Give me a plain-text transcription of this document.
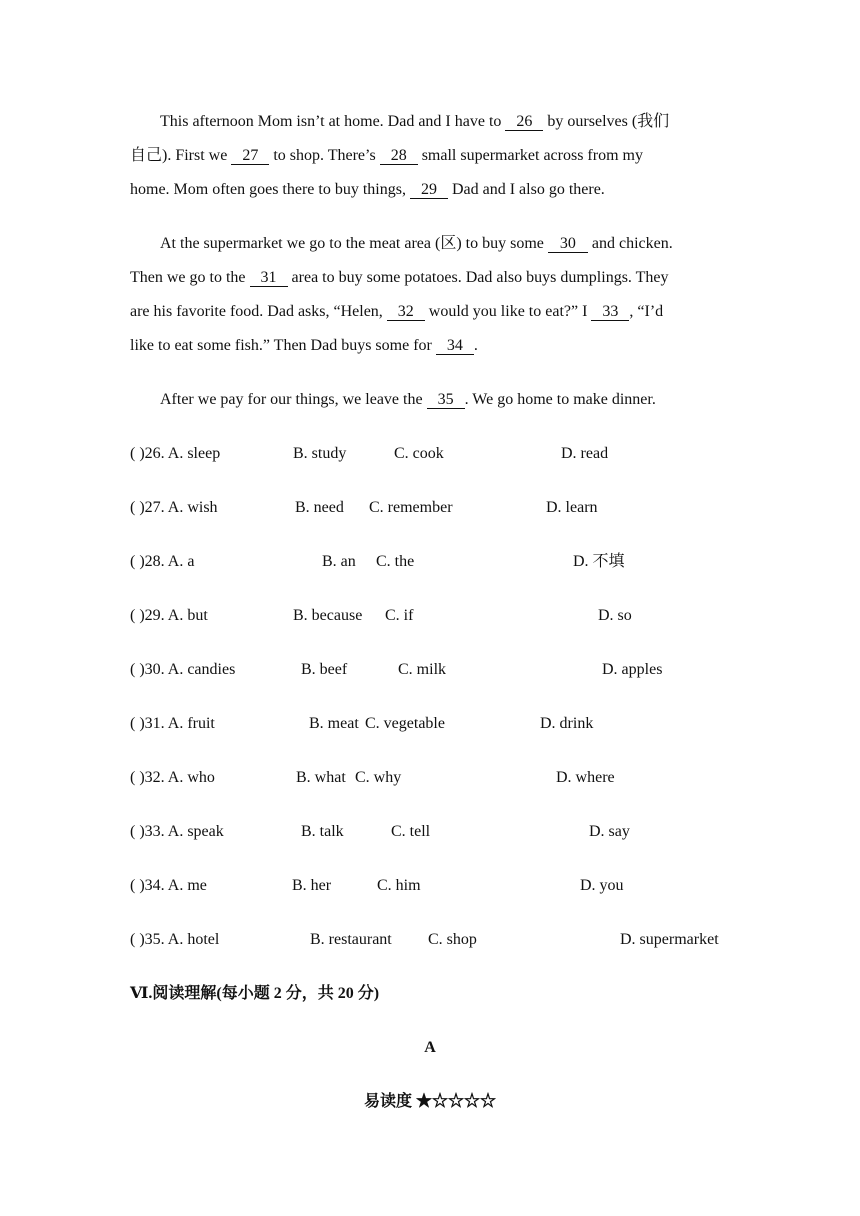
This afternoon Mom isn’t at home. Dad and I have to 26 by ourselves (我们
自己). First we 27 to shop. There’s 28 small supermarket across from my
home. Mom often goes there to buy things, 29 Dad and I also go there.
At the supermarket we go to the meat area (区) to buy some 30 and chicken.
Then we go to the 31 area to buy some potatoes. Dad also buys dumplings. They
are his favorite food. Dad asks, “Helen, 32 would you like to eat?” I 33 , “I’d
like to eat some fish.” Then Dad buys some for 34 .
After we pay for our things, we leave the 35 . We go home to make dinner.
( )26. A. sleep	B. study	C. cook	D. read
( )27. A. wish	B. need C. remember	D. learn
( )28. A. a	B. an C. the	D. 不填
( )29. A. but	B. because C. if	D. so
( )30. A. candies	B. beef	C. milk	D. apples
( )31. A. fruit	B. meat C. vegetable	D. drink
( )32. A. who	B. what C. why	D. where
( )33. A. speak	B. talk	C. tell	D. say
( )34. A. me	B. her	C. him	D. you
( )35. A. hotel	B. restaurant C. shop	D. supermarket
Ⅵ.阅读理解(每小题 2 分，共 20 分)
A
易读度 ★☆☆☆☆
